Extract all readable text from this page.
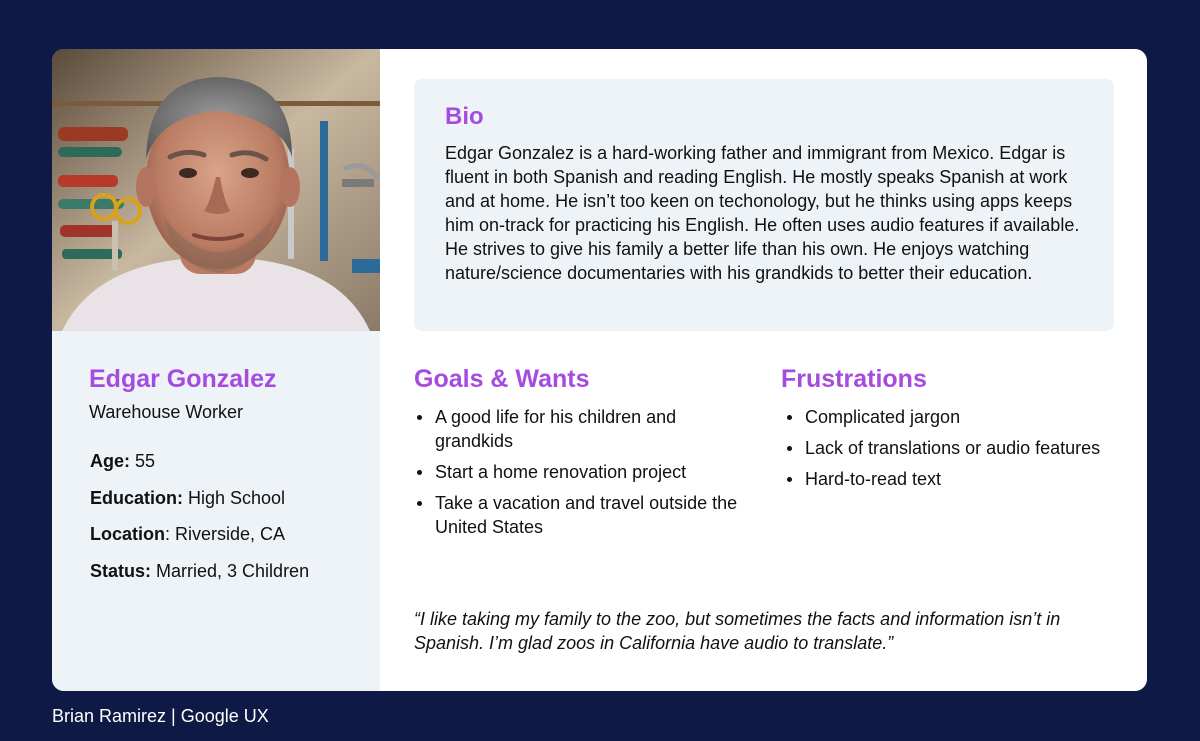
Edgar Gonzalez
Warehouse Worker
Age: 55
Education: High School
Location: Riverside, CA
Status: Married, 3 Children
Bio

Edgar Gonzalez is a hard-working father and immigrant from Mexico. Edgar is fluent in both Spanish and reading English. He mostly speaks Spanish at work and at home. He isn’t too keen on techonology, but he thinks using apps keeps him on-track for practicing his English. He often uses audio features if available. He strives to give his family a better life than his own. He enjoys watching nature/science documentaries with his grandkids to better their education.

Goals & Wants
A good life for his children and grandkids
Start a home renovation project
Take a vacation and travel outside the United States
Frustrations
Complicated jargon
Lack of translations or audio features
Hard-to-read text

“I like taking my family to the zoo, but sometimes the facts and information isn’t in Spanish. I’m glad zoos in California have audio to translate.”

Brian Ramirez | Google UX
